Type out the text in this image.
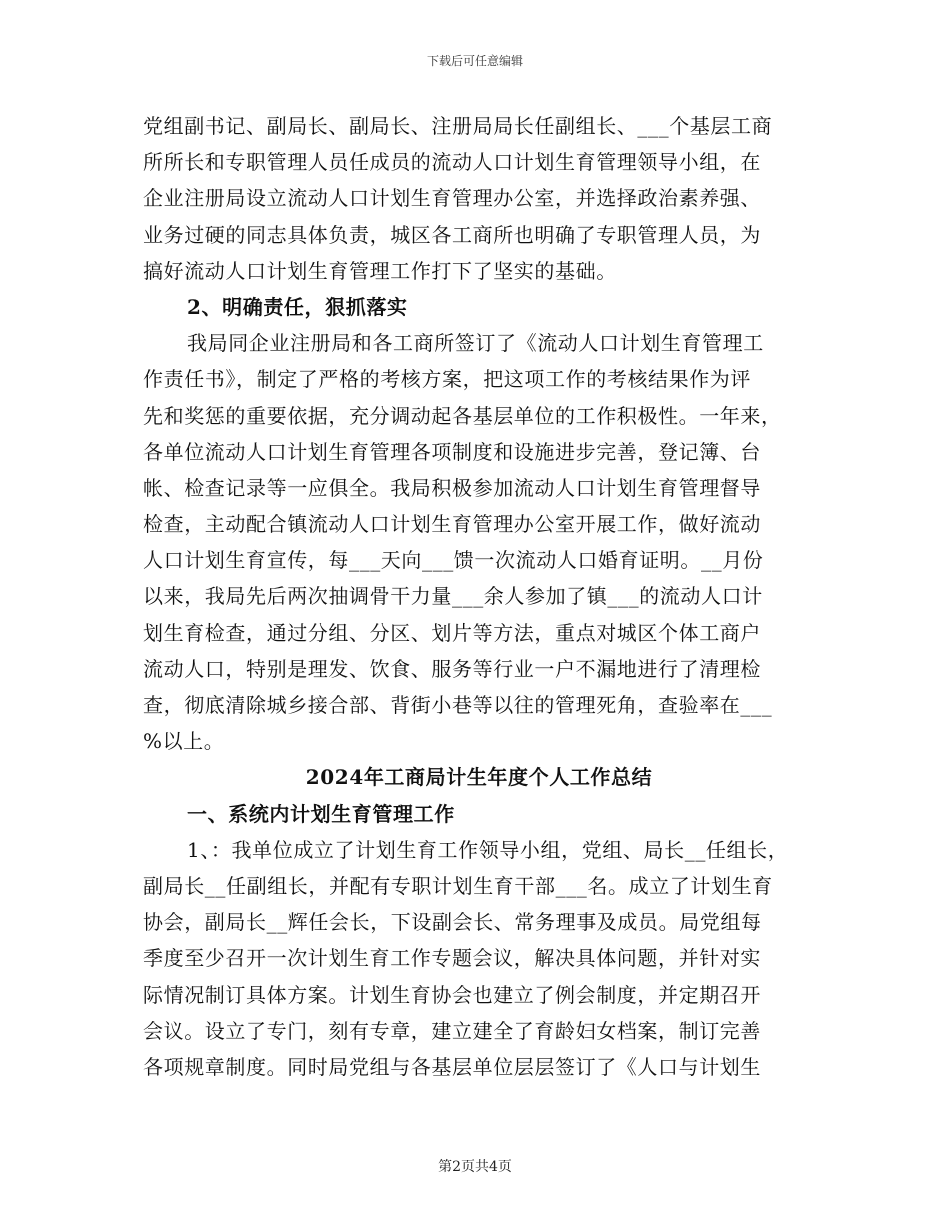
下载后可任意编辑
党组副书记、副局长、副局长、注册局局长任副组长、___个基层工商
所所长和专职管理人员任成员的流动人口计划生育管理领导小组，在
企业注册局设立流动人口计划生育管理办公室，并选择政治素养强、
业务过硬的同志具体负责，城区各工商所也明确了专职管理人员，为
搞好流动人口计划生育管理工作打下了坚实的基础。
2、明确责任，狠抓落实
我局同企业注册局和各工商所签订了《流动人口计划生育管理工
作责任书》，制定了严格的考核方案，把这项工作的考核结果作为评
先和奖惩的重要依据，充分调动起各基层单位的工作积极性。一年来，
各单位流动人口计划生育管理各项制度和设施进步完善，登记簿、台
帐、检查记录等一应俱全。我局积极参加流动人口计划生育管理督导
检查，主动配合镇流动人口计划生育管理办公室开展工作，做好流动
人口计划生育宣传，每___天向___馈一次流动人口婚育证明。__月份
以来，我局先后两次抽调骨干力量___余人参加了镇___的流动人口计
划生育检查，通过分组、分区、划片等方法，重点对城区个体工商户
流动人口，特别是理发、饮食、服务等行业一户不漏地进行了清理检
查，彻底清除城乡接合部、背街小巷等以往的管理死角，查验率在___
%以上。
2024年工商局计生年度个人工作总结
一、系统内计划生育管理工作
1、：我单位成立了计划生育工作领导小组，党组、局长__任组长，
副局长__任副组长，并配有专职计划生育干部___名。成立了计划生育
协会，副局长__辉任会长，下设副会长、常务理事及成员。局党组每
季度至少召开一次计划生育工作专题会议，解决具体问题，并针对实
际情况制订具体方案。计划生育协会也建立了例会制度，并定期召开
会议。设立了专门，刻有专章，建立建全了育龄妇女档案，制订完善
各项规章制度。同时局党组与各基层单位层层签订了《人口与计划生
第2页共4页
